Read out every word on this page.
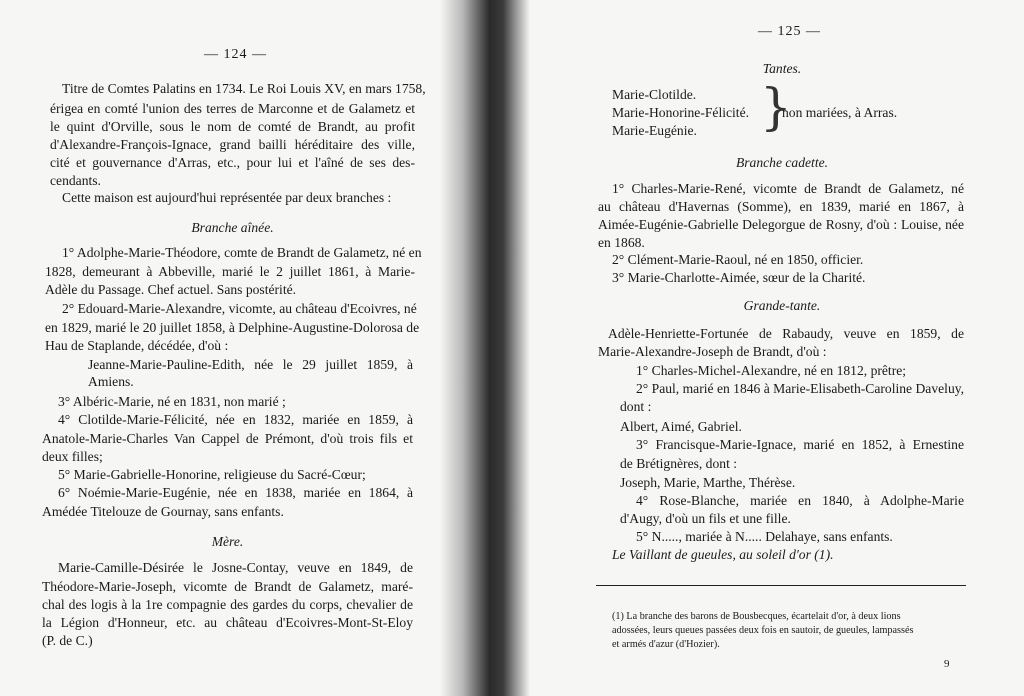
— 124 —
Titre de Comtes Palatins en 1734. Le Roi Louis XV, en mars 1758,
érigea en comté l'union des terres de Marconne et de Galametz et
le quint d'Orville, sous le nom de comté de Brandt, au profit
d'Alexandre-François-Ignace, grand bailli héréditaire des ville,
cité et gouvernance d'Arras, etc., pour lui et l'aîné de ses des-
cendants.
Cette maison est aujourd'hui représentée par deux branches :
Branche aînée.
1° Adolphe-Marie-Théodore, comte de Brandt de Galametz, né en
1828, demeurant à Abbeville, marié le 2 juillet 1861, à Marie-
Adèle du Passage. Chef actuel. Sans postérité.
2° Edouard-Marie-Alexandre, vicomte, au château d'Ecoivres, né
en 1829, marié le 20 juillet 1858, à Delphine-Augustine-Dolorosa de
Hau de Staplande, décédée, d'où :
Jeanne-Marie-Pauline-Edith, née le 29 juillet 1859, à
Amiens.
3° Albéric-Marie, né en 1831, non marié ;
4° Clotilde-Marie-Félicité, née en 1832, mariée en 1859, à
Anatole-Marie-Charles Van Cappel de Prémont, d'où trois fils et
deux filles;
5° Marie-Gabrielle-Honorine, religieuse du Sacré-Cœur;
6° Noémie-Marie-Eugénie, née en 1838, mariée en 1864, à
Amédée Titelouze de Gournay, sans enfants.
Mère.
Marie-Camille-Désirée le Josne-Contay, veuve en 1849, de
Théodore-Marie-Joseph, vicomte de Brandt de Galametz, maré-
chal des logis à la 1re compagnie des gardes du corps, chevalier de
la Légion d'Honneur, etc. au château d'Ecoivres-Mont-St-Eloy
(P. de C.)
— 125 —
Tantes.
Marie-Clotilde.
Marie-Honorine-Félicité.
Marie-Eugénie. }
non mariées, à Arras.
Branche cadette.
1° Charles-Marie-René, vicomte de Brandt de Galametz, né
au château d'Havernas (Somme), en 1839, marié en 1867, à
Aimée-Eugénie-Gabrielle Delegorgue de Rosny, d'où : Louise, née
en 1868.
2° Clément-Marie-Raoul, né en 1850, officier.
3° Marie-Charlotte-Aimée, sœur de la Charité.
Grande-tante.
Adèle-Henriette-Fortunée de Rabaudy, veuve en 1859, de
Marie-Alexandre-Joseph de Brandt, d'où :
1° Charles-Michel-Alexandre, né en 1812, prêtre;
2° Paul, marié en 1846 à Marie-Elisabeth-Caroline Daveluy,
dont :
Albert, Aimé, Gabriel.
3° Francisque-Marie-Ignace, marié en 1852, à Ernestine
de Brétignères, dont :
Joseph, Marie, Marthe, Thérèse.
4° Rose-Blanche, mariée en 1840, à Adolphe-Marie
d'Augy, d'où un fils et une fille.
5° N....., mariée à N..... Delahaye, sans enfants.
Le Vaillant de gueules, au soleil d'or (1).
(1) La branche des barons de Bousbecques, écartelait d'or, à deux lions
adossées, leurs queues passées deux fois en sautoir, de gueules, lampassés
et armés d'azur (d'Hozier).
9
